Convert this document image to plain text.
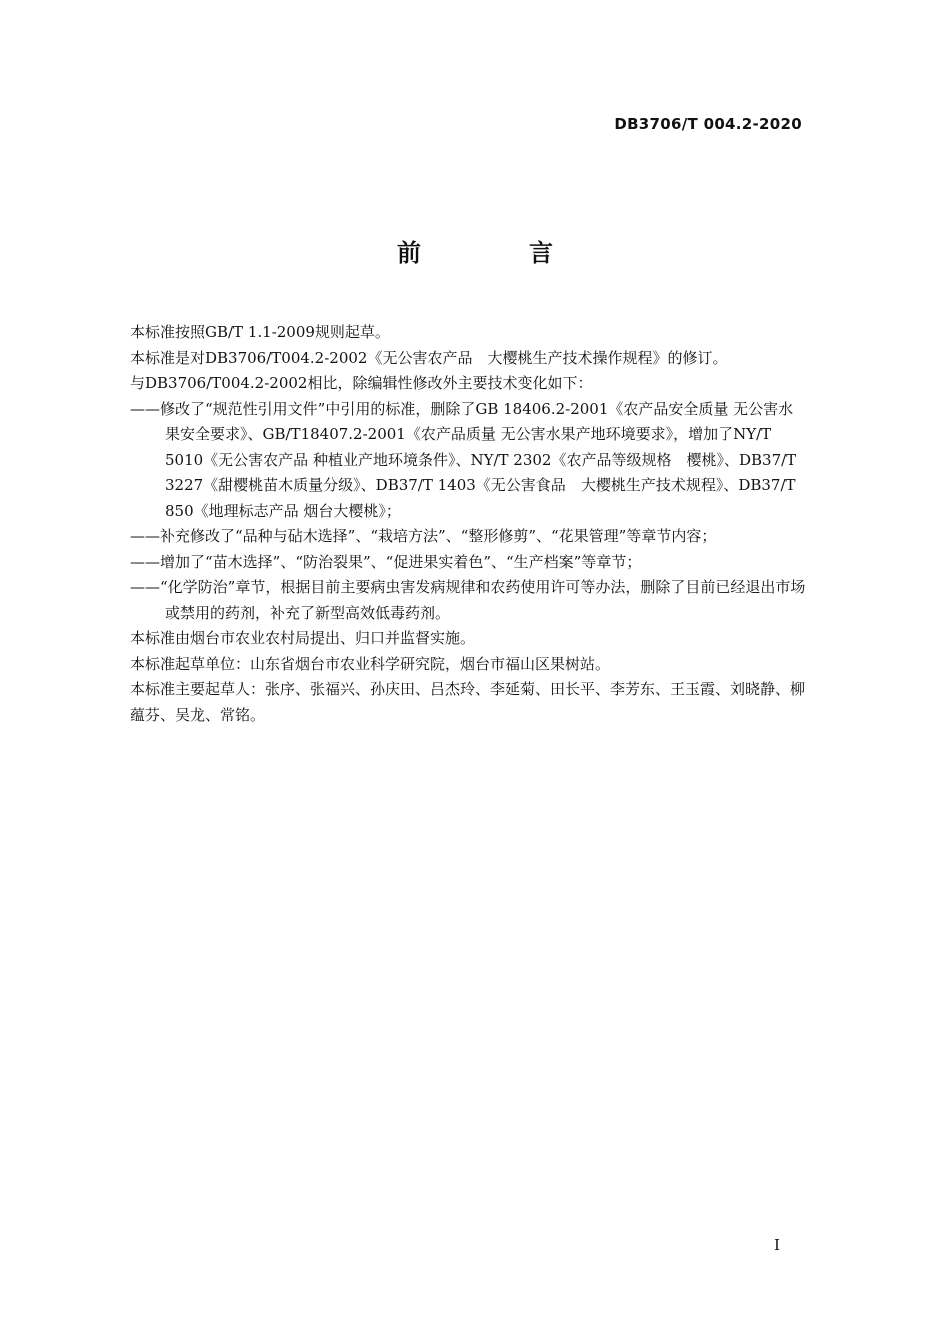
DB3706/T 004.2-2020
前　言

本标准按照GB/T 1.1-2009规则起草。

本标准是对DB3706/T004.2-2002《无公害农产品　大樱桃生产技术操作规程》的修订。

与DB3706/T004.2-2002相比，除编辑性修改外主要技术变化如下：

——修改了“规范性引用文件”中引用的标准，删除了GB 18406.2-2001《农产品安全质量 无公害水果安全要求》、GB/T18407.2-2001《农产品质量 无公害水果产地环境要求》，增加了NY/T 5010《无公害农产品 种植业产地环境条件》、NY/T 2302《农产品等级规格　樱桃》、DB37/T 3227《甜樱桃苗木质量分级》、DB37/T 1403《无公害食品　大樱桃生产技术规程》、DB37/T 850《地理标志产品 烟台大樱桃》；

——补充修改了“品种与砧木选择”、“栽培方法”、“整形修剪”、“花果管理”等章节内容；

——增加了“苗木选择”、“防治裂果”、“促进果实着色”、“生产档案”等章节；

——“化学防治”章节，根据目前主要病虫害发病规律和农药使用许可等办法，删除了目前已经退出市场或禁用的药剂，补充了新型高效低毒药剂。

本标准由烟台市农业农村局提出、归口并监督实施。

本标准起草单位：山东省烟台市农业科学研究院，烟台市福山区果树站。

本标准主要起草人：张序、张福兴、孙庆田、吕杰玲、李延菊、田长平、李芳东、王玉霞、刘晓静、柳蕴芬、吴龙、常铭。

I
